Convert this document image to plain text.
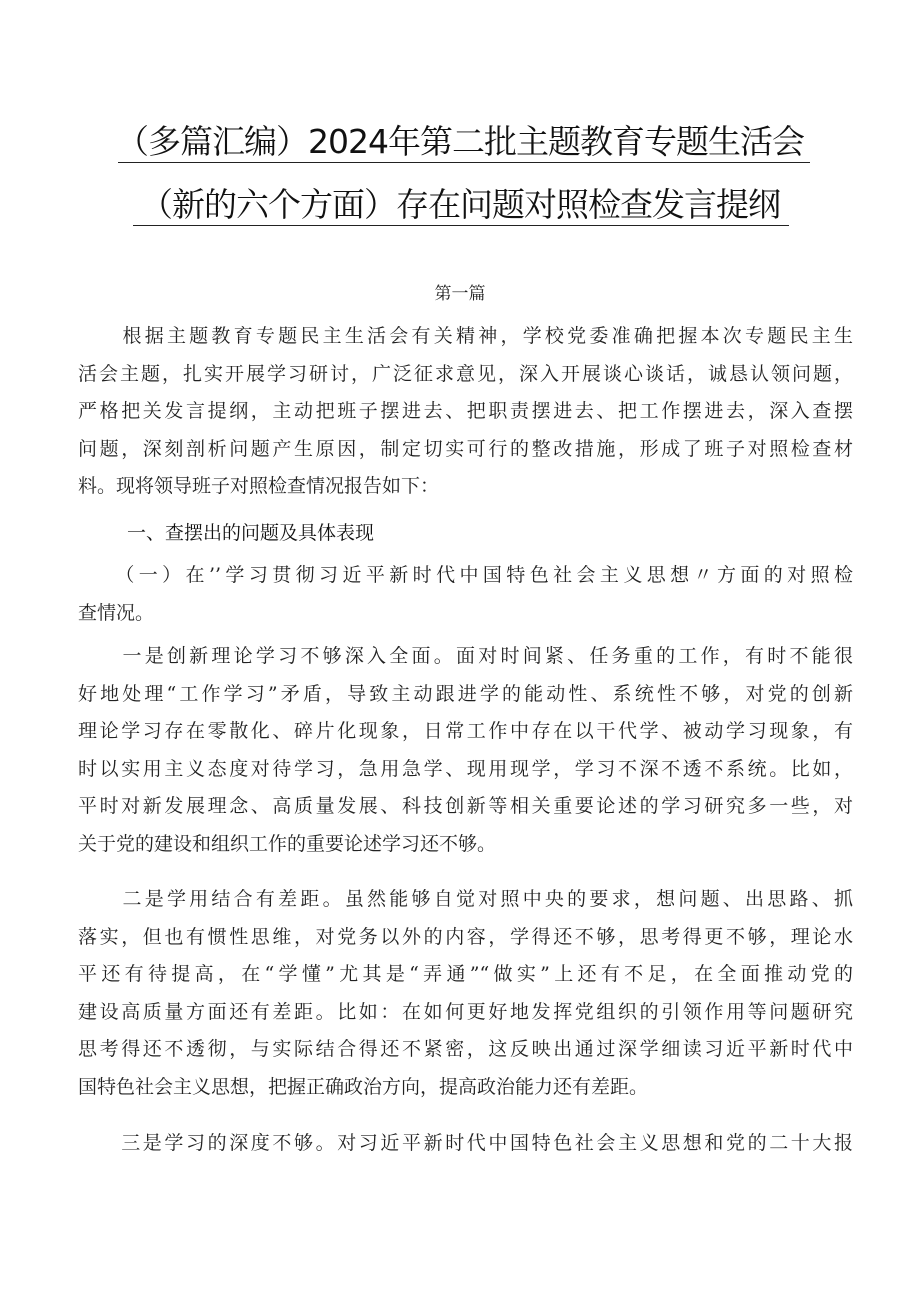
（多篇汇编）2024年第二批主题教育专题生活会
（新的六个方面）存在问题对照检查发言提纲
第一篇
　　根据主题教育专题民主生活会有关精神，学校党委准确把握本次专题民主生
活会主题，扎实开展学习研讨，广泛征求意见，深入开展谈心谈话，诚恳认领问题，
严格把关发言提纲，主动把班子摆进去、把职责摆进去、把工作摆进去，深入查摆
问题，深刻剖析问题产生原因，制定切实可行的整改措施，形成了班子对照检查材
料。现将领导班子对照检查情况报告如下：
一、查摆出的问题及具体表现
　　（一）在’’学习贯彻习近平新时代中国特色社会主义思想〃方面的对照检
查情况。
　　一是创新理论学习不够深入全面。面对时间紧、任务重的工作，有时不能很
好地处理“工作学习”矛盾，导致主动跟进学的能动性、系统性不够，对党的创新
理论学习存在零散化、碎片化现象，日常工作中存在以干代学、被动学习现象，有
时以实用主义态度对待学习，急用急学、现用现学，学习不深不透不系统。比如，
平时对新发展理念、高质量发展、科技创新等相关重要论述的学习研究多一些，对
关于党的建设和组织工作的重要论述学习还不够。
　　二是学用结合有差距。虽然能够自觉对照中央的要求，想问题、出思路、抓
落实，但也有惯性思维，对党务以外的内容，学得还不够，思考得更不够，理论水
平还有待提高，在“学懂”尤其是“弄通”“做实”上还有不足，在全面推动党的
建设高质量方面还有差距。比如：在如何更好地发挥党组织的引领作用等问题研究
思考得还不透彻，与实际结合得还不紧密，这反映出通过深学细读习近平新时代中
国特色社会主义思想，把握正确政治方向，提高政治能力还有差距。
　　三是学习的深度不够。对习近平新时代中国特色社会主义思想和党的二十大报
